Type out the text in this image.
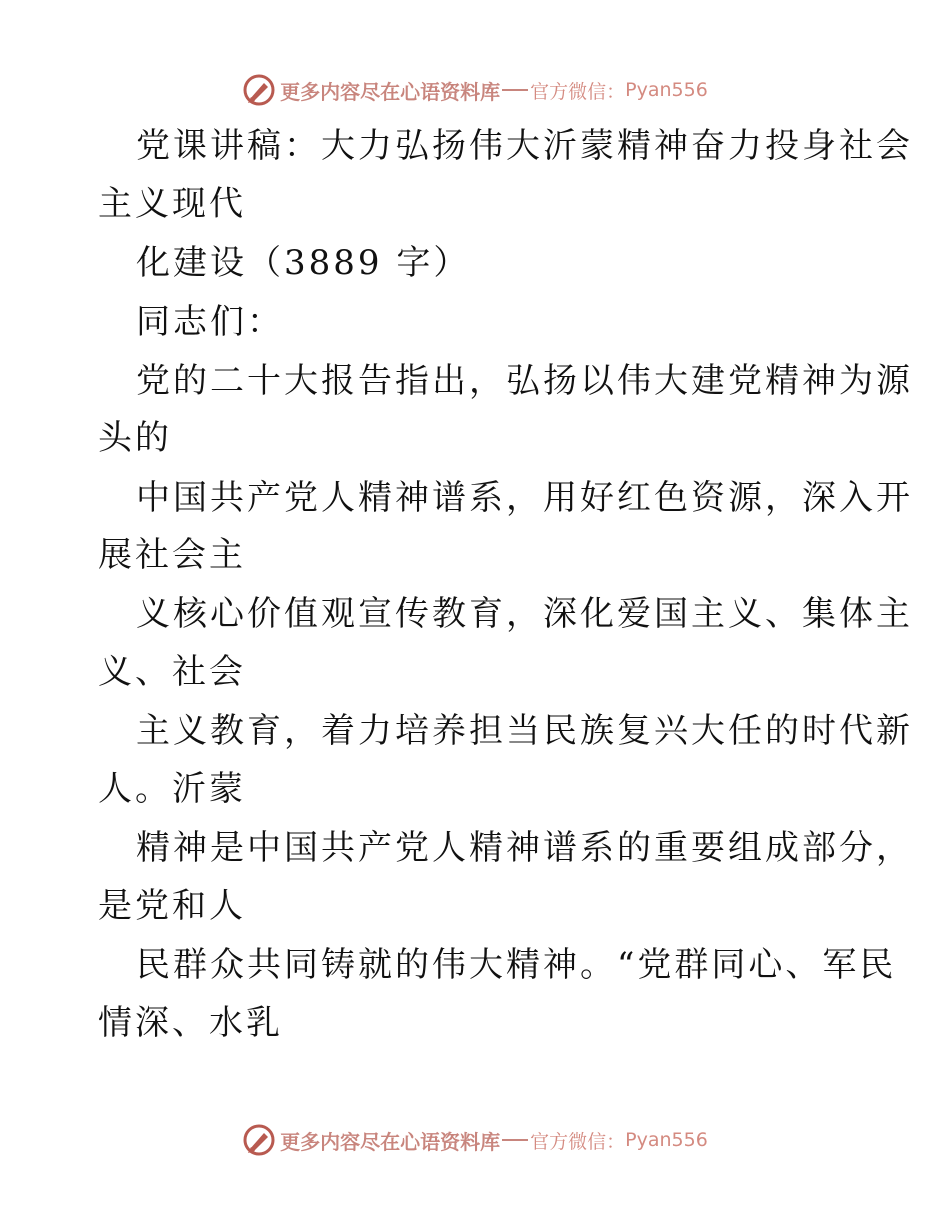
更多内容尽在心语资料库 官方微信： Pyan556
党课讲稿：大力弘扬伟大沂蒙精神奋力投身社会
主义现代
化建设（3889 字）
同志们：
党的二十大报告指出，弘扬以伟大建党精神为源
头的
中国共产党人精神谱系，用好红色资源，深入开
展社会主
义核心价值观宣传教育，深化爱国主义、集体主
义、社会
主义教育，着力培养担当民族复兴大任的时代新
人。沂蒙
精神是中国共产党人精神谱系的重要组成部分，
是党和人
民群众共同铸就的伟大精神。“党群同心、军民
情深、水乳
更多内容尽在心语资料库 官方微信： Pyan556
